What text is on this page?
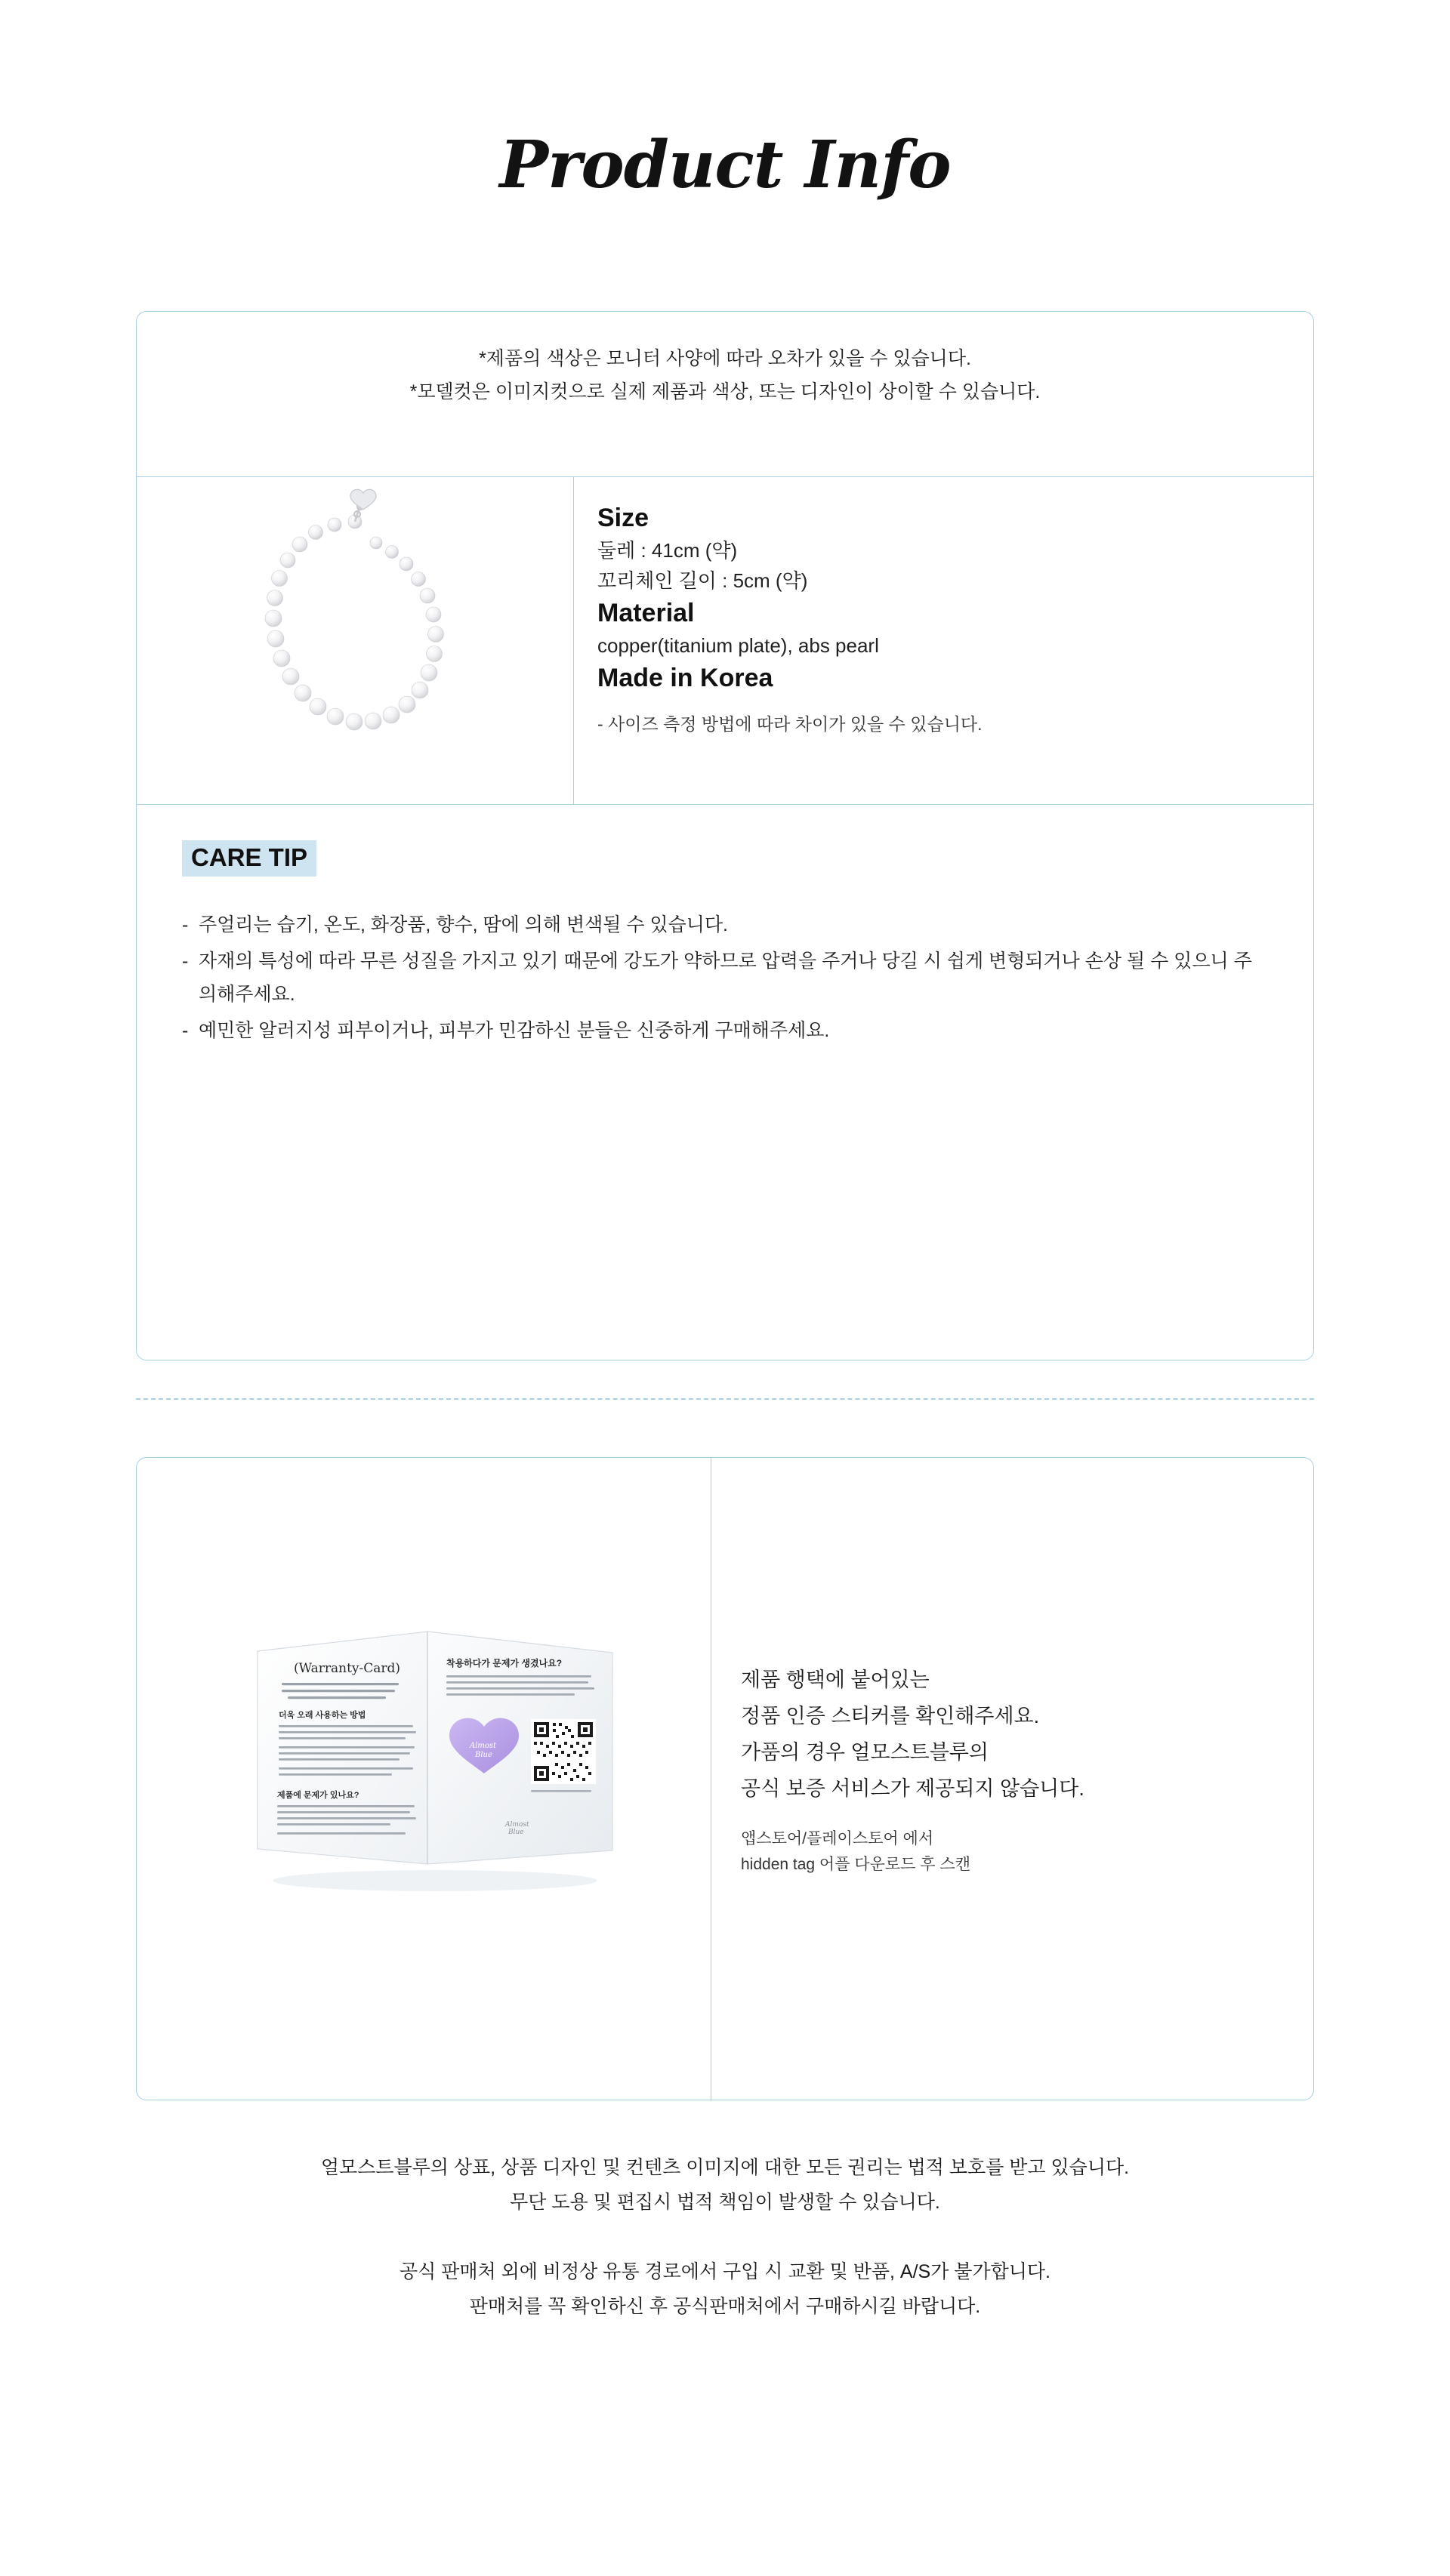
Product Info
*제품의 색상은 모니터 사양에 따라 오차가 있을 수 있습니다.
*모델컷은 이미지컷으로 실제 제품과 색상, 또는 디자인이 상이할 수 있습니다.
Size

둘레 : 41cm (약)

꼬리체인 길이 : 5cm (약)

Material

copper(titanium plate), abs pearl

Made in Korea

- 사이즈 측정 방법에 따라 차이가 있을 수 있습니다.

CARE TIP
- 주얼리는 습기, 온도, 화장품, 향수, 땀에 의해 변색될 수 있습니다.
- 자재의 특성에 따라 무른 성질을 가지고 있기 때문에 강도가 약하므로 압력을 주거나 당길 시 쉽게 변형되거나 손상 될 수 있으니 주의해주세요.
- 예민한 알러지성 피부이거나, 피부가 민감하신 분들은 신중하게 구매해주세요.
(Warranty-Card)
더욱 오래 사용하는 방법
제품에 문제가 있나요?
착용하다가 문제가 생겼나요?
Almost
Blue
Almost
Blue
제품 행택에 붙어있는
정품 인증 스티커를 확인해주세요.
가품의 경우 얼모스트블루의
공식 보증 서비스가 제공되지 않습니다.
앱스토어/플레이스토어 에서
hidden tag 어플 다운로드 후 스캔

얼모스트블루의 상표, 상품 디자인 및 컨텐츠 이미지에 대한 모든 권리는 법적 보호를 받고 있습니다.

무단 도용 및 편집시 법적 책임이 발생할 수 있습니다.

공식 판매처 외에 비정상 유통 경로에서 구입 시 교환 및 반품, A/S가 불가합니다.

판매처를 꼭 확인하신 후 공식판매처에서 구매하시길 바랍니다.
